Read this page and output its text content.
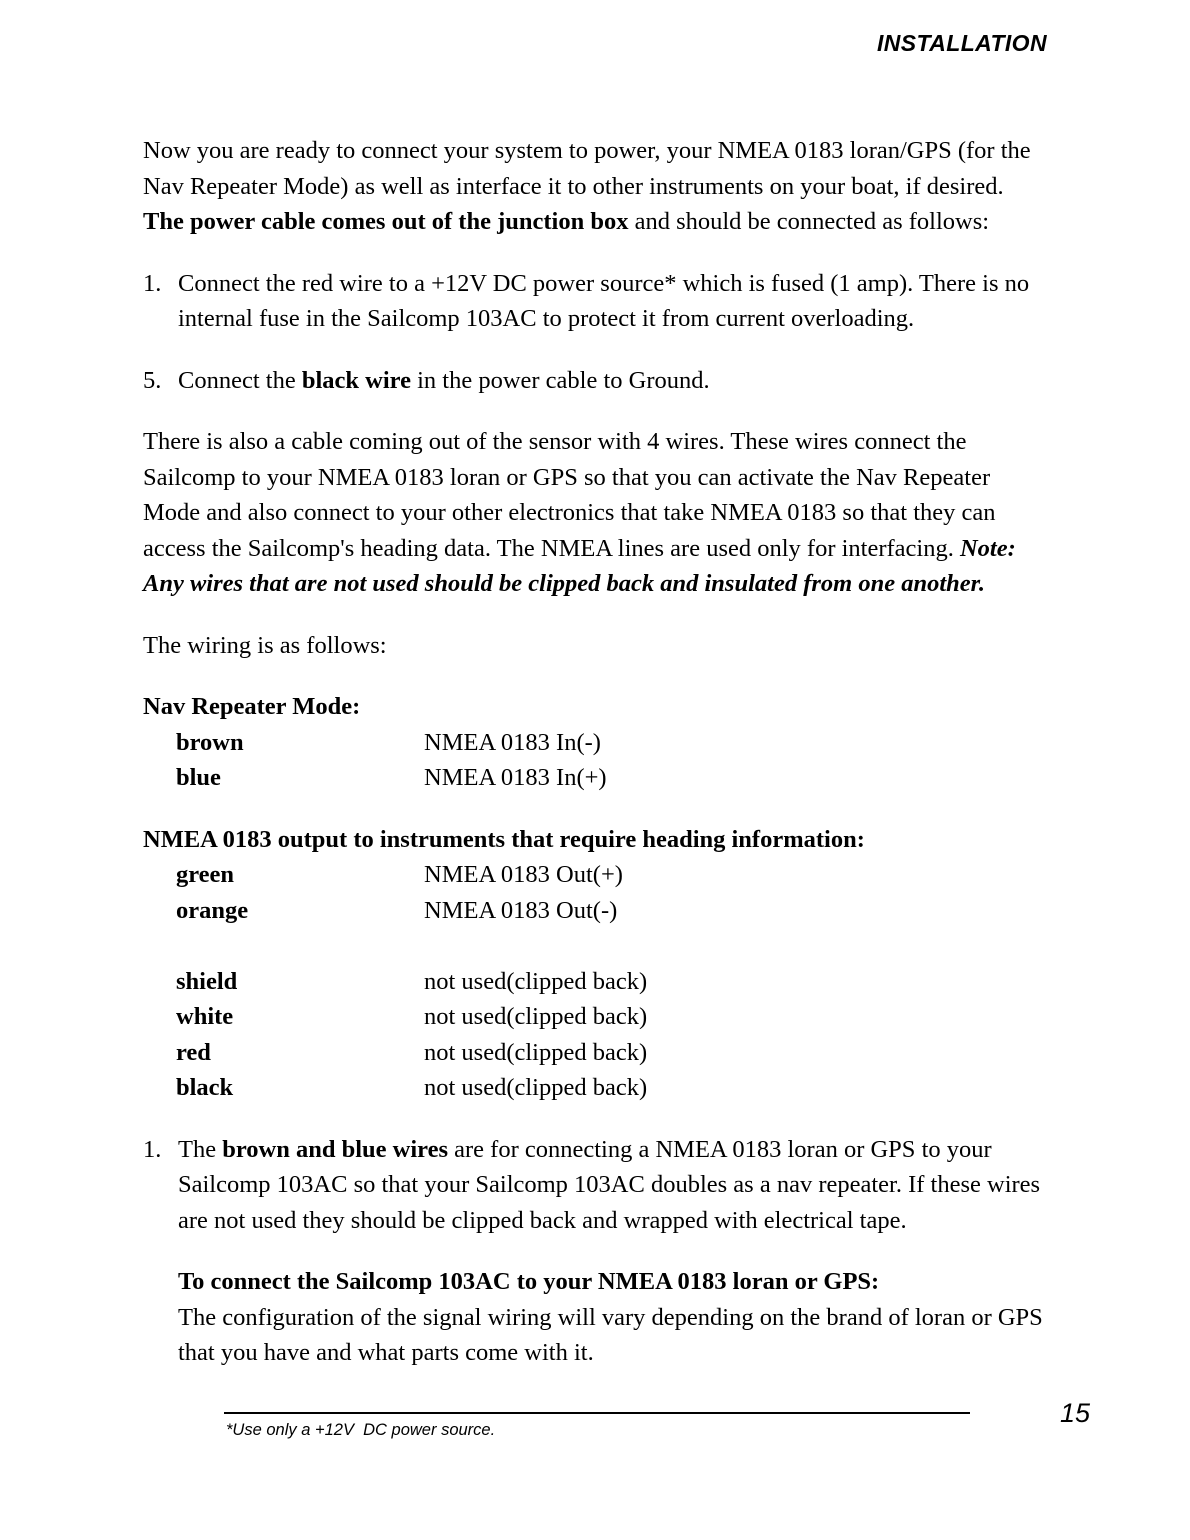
INSTALLATION

Now you are ready to connect your system to power, your NMEA 0183 loran/GPS (for the Nav Repeater Mode) as well as interface it to other instruments on your boat, if desired. The power cable comes out of the junction box and should be connected as follows:

1. Connect the red wire to a +12V DC power source* which is fused (1 amp). There is no internal fuse in the Sailcomp 103AC to protect it from current overloading.
5. Connect the black wire in the power cable to Ground.

There is also a cable coming out of the sensor with 4 wires. These wires connect the Sailcomp to your NMEA 0183 loran or GPS so that you can activate the Nav Repeater Mode and also connect to your other electronics that take NMEA 0183 so that they can access the Sailcomp's heading data. The NMEA lines are used only for interfacing. Note: Any wires that are not used should be clipped back and insulated from one another.

The wiring is as follows:

Nav Repeater Mode:
brown	NMEA 0183 In(-)
blue	NMEA 0183 In(+)
NMEA 0183 output to instruments that require heading information:
green	NMEA 0183 Out(+)
orange	NMEA 0183 Out(-)
shield	not used(clipped back)
white	not used(clipped back)
red	not used(clipped back)
black	not used(clipped back)
1. The brown and blue wires are for connecting a NMEA 0183 loran or GPS to your Sailcomp 103AC so that your Sailcomp 103AC doubles as a nav repeater. If these wires are not used they should be clipped back and wrapped with electrical tape.
To connect the Sailcomp 103AC to your NMEA 0183 loran or GPS:
The configuration of the signal wiring will vary depending on the brand of loran or GPS that you have and what parts come with it.
*Use only a +12V  DC power source.
15
